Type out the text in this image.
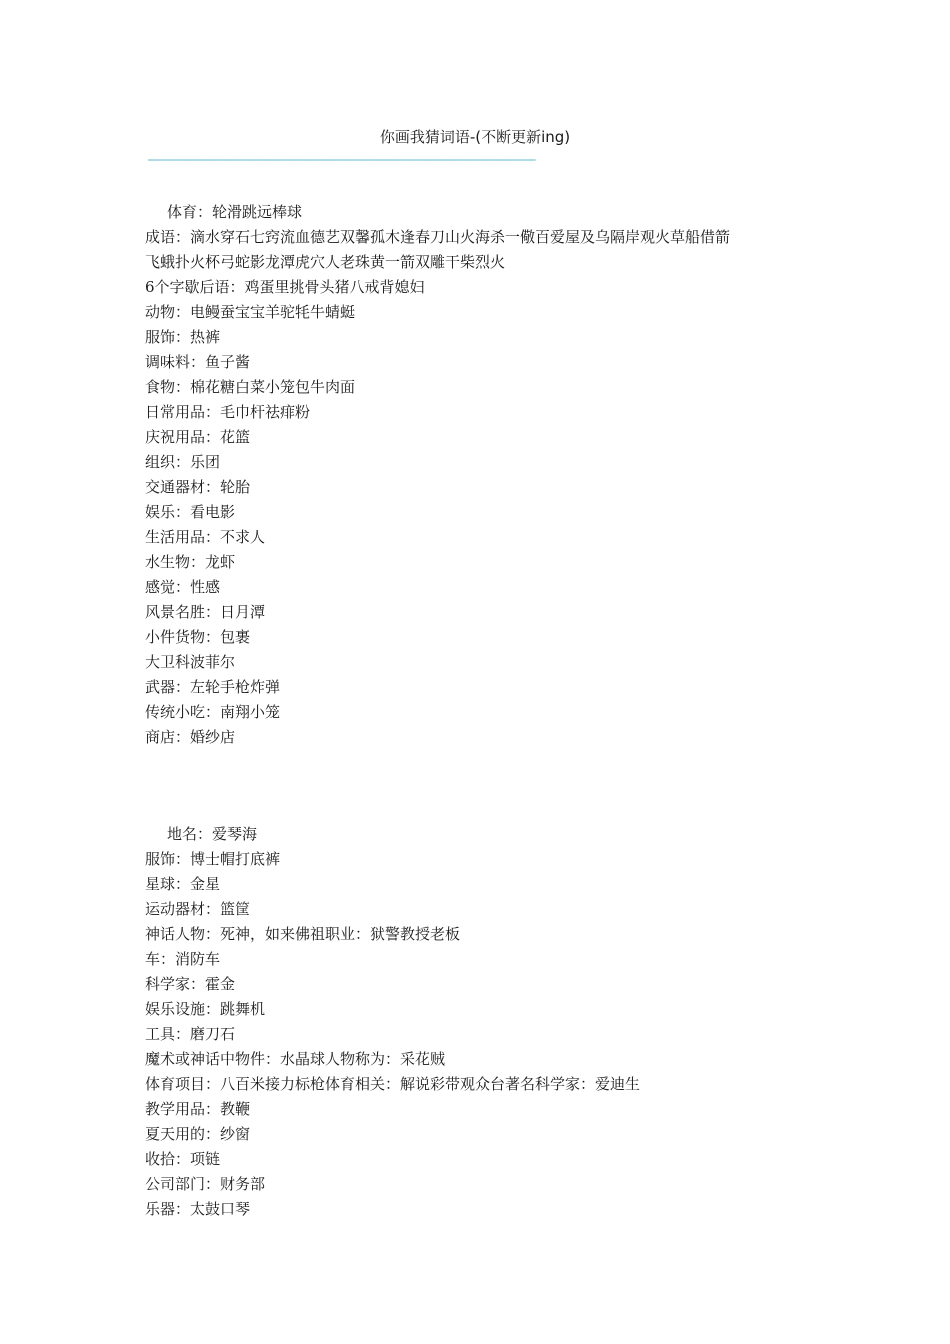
你画我猜词语-(不断更新ing)
——————————————————————————————————————————————
体育：轮滑跳远棒球
成语：滴水穿石七窍流血德艺双馨孤木逢春刀山火海杀一儆百爱屋及乌隔岸观火草船借箭
飞蛾扑火杯弓蛇影龙潭虎穴人老珠黄一箭双雕干柴烈火
6个字歇后语：鸡蛋里挑骨头猪八戒背媳妇
动物：电鳗蚕宝宝羊驼牦牛蜻蜓
服饰：热裤
调味料：鱼子酱
食物：棉花糖白菜小笼包牛肉面
日常用品：毛巾杆祛痱粉
庆祝用品：花篮
组织：乐团
交通器材：轮胎
娱乐：看电影
生活用品：不求人
水生物：龙虾
感觉：性感
风景名胜：日月潭
小件货物：包裹
大卫科波菲尔
武器：左轮手枪炸弹
传统小吃：南翔小笼
商店：婚纱店
地名：爱琴海
服饰：博士帽打底裤
星球：金星
运动器材：篮筐
神话人物：死神，如来佛祖职业：狱警教授老板
车：消防车
科学家：霍金
娱乐设施：跳舞机
工具：磨刀石
魔术或神话中物件：水晶球人物称为：采花贼
体育项目：八百米接力标枪体育相关：解说彩带观众台著名科学家：爱迪生
教学用品：教鞭
夏天用的：纱窗
收拾：项链
公司部门：财务部
乐器：太鼓口琴
